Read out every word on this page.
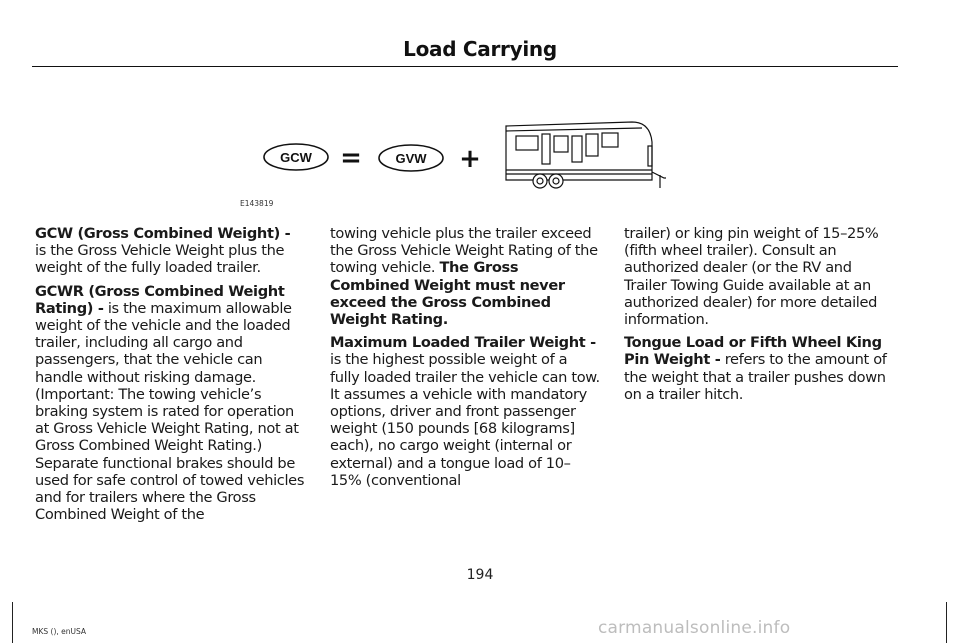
Load Carrying
GCW =	GVW +
E143819

GCW (Gross Combined Weight) - is the Gross Vehicle Weight plus the weight of the fully loaded trailer.

GCWR (Gross Combined Weight Rating) - is the maximum allowable weight of the vehicle and the loaded trailer, including all cargo and passengers, that the vehicle can handle without risking damage. (Important: The towing vehicle’s braking system is rated for operation at Gross Vehicle Weight Rating, not at Gross Combined Weight Rating.) Separate functional brakes should be used for safe control of towed vehicles and for trailers where the Gross Combined Weight of the

towing vehicle plus the trailer exceed the Gross Vehicle Weight Rating of the towing vehicle. The Gross Combined Weight must never exceed the Gross Combined Weight Rating.

Maximum Loaded Trailer Weight - is the highest possible weight of a fully loaded trailer the vehicle can tow. It assumes a vehicle with mandatory options, driver and front passenger weight (150 pounds [68 kilograms] each), no cargo weight (internal or external) and a tongue load of 10–15% (conventional

trailer) or king pin weight of 15–25% (fifth wheel trailer). Consult an authorized dealer (or the RV and Trailer Towing Guide available at an authorized dealer) for more detailed information.

Tongue Load or Fifth Wheel King Pin Weight - refers to the amount of the weight that a trailer pushes down on a trailer hitch.

194
MKS (), enUSA	carmanualsonline.info
